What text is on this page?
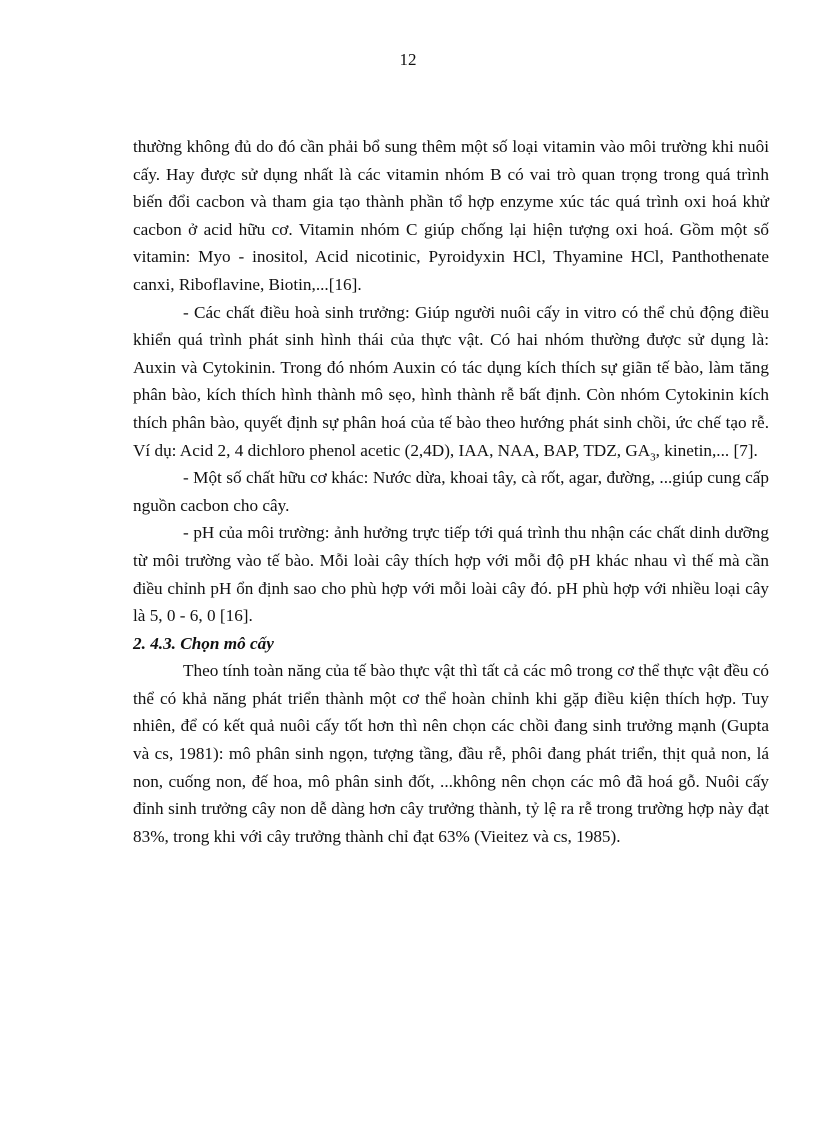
12

thường không đủ do đó cần phải bổ sung thêm một số loại vitamin vào môi trường khi nuôi cấy. Hay được sử dụng nhất là các vitamin nhóm B có vai trò quan trọng trong quá trình biến đổi cacbon và tham gia tạo thành phần tổ hợp enzyme xúc tác quá trình oxi hoá khử cacbon ở acid hữu cơ. Vitamin nhóm C giúp chống lại hiện tượng oxi hoá. Gồm một số vitamin: Myo - inositol, Acid nicotinic, Pyroidyxin HCl, Thyamine HCl, Panthothenate canxi, Riboflavine, Biotin,...[16].

- Các chất điều hoà sinh trưởng: Giúp người nuôi cấy in vitro có thể chủ động điều khiển quá trình phát sinh hình thái của thực vật. Có hai nhóm thường được sử dụng là: Auxin và Cytokinin. Trong đó nhóm Auxin có tác dụng kích thích sự giãn tế bào, làm tăng phân bào, kích thích hình thành mô sẹo, hình thành rễ bất định. Còn nhóm Cytokinin kích thích phân bào, quyết định sự phân hoá của tế bào theo hướng phát sinh chồi, ức chế tạo rễ. Ví dụ: Acid 2, 4 dichloro phenol acetic (2,4D), IAA, NAA, BAP, TDZ, $GA_3$, kinetin,... [7].

- Một số chất hữu cơ khác: Nước dừa, khoai tây, cà rốt, agar, đường, ...giúp cung cấp nguồn cacbon cho cây.

- pH của môi trường: ảnh hưởng trực tiếp tới quá trình thu nhận các chất dinh dưỡng từ môi trường vào tế bào. Mỗi loài cây thích hợp với mỗi độ pH khác nhau vì thế mà cần điều chỉnh pH ổn định sao cho phù hợp với mỗi loài cây đó. pH phù hợp với nhiều loại cây là 5, 0 - 6, 0 [16].

2. 4.3. Chọn mô cấy

Theo tính toàn năng của tế bào thực vật thì tất cả các mô trong cơ thể thực vật đều có thể có khả năng phát triển thành một cơ thể hoàn chỉnh khi gặp điều kiện thích hợp. Tuy nhiên, để có kết quả nuôi cấy tốt hơn thì nên chọn các chồi đang sinh trưởng mạnh (Gupta và cs, 1981): mô phân sinh ngọn, tượng tầng, đầu rễ, phôi đang phát triển, thịt quả non, lá non, cuống non, đế hoa, mô phân sinh đốt, ...không nên chọn các mô đã hoá gỗ. Nuôi cấy đỉnh sinh trưởng cây non dễ dàng hơn cây trưởng thành, tỷ lệ ra rễ trong trường hợp này đạt 83%, trong khi với cây trưởng thành chỉ đạt 63% (Vieitez và cs, 1985).
